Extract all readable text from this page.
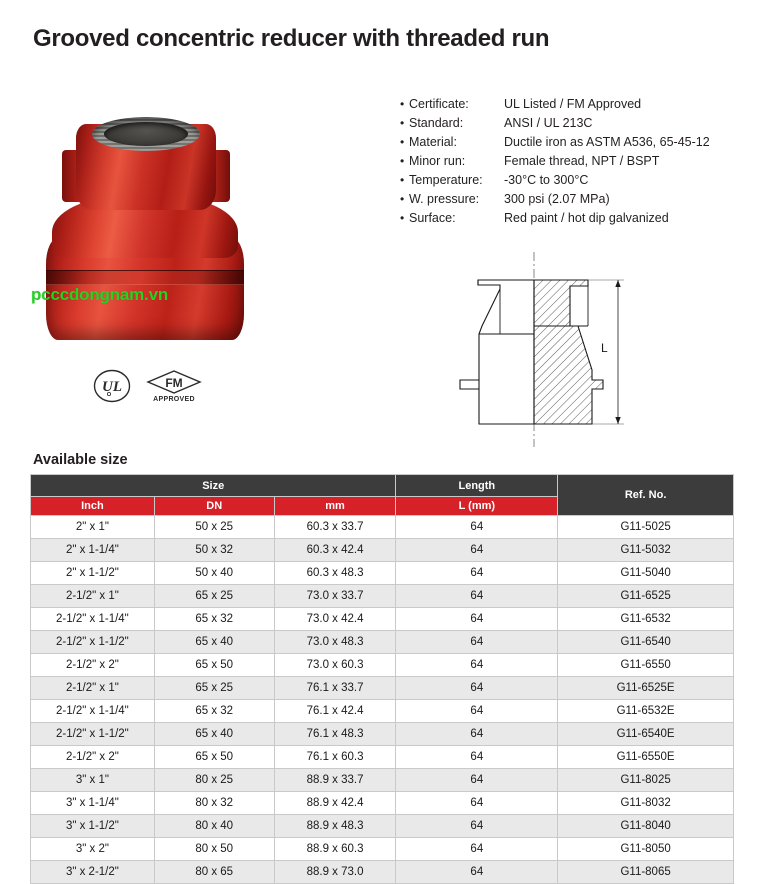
Grooved concentric reducer with threaded run
pcccdongnam.vn
UL	FM
APPROVED
• Certificate:	UL Listed / FM Approved
• Standard:	ANSI / UL 213C
• Material:	Ductile iron as ASTM A536, 65-45-12
• Minor run:	Female thread, NPT / BSPT
• Temperature:	-30°C to 300°C
• W. pressure:	300 psi (2.07 MPa)
• Surface:	Red paint / hot dip galvanized
L
Available size
Size			Length	Ref. No.
Inch	DN	mm	L (mm)	
2" x 1"	50 x 25	60.3 x 33.7	64	G11-5025
2" x 1-1/4"	50 x 32	60.3 x 42.4	64	G11-5032
2" x 1-1/2"	50 x 40	60.3 x 48.3	64	G11-5040
2-1/2" x 1"	65 x 25	73.0 x 33.7	64	G11-6525
2-1/2" x 1-1/4"	65 x 32	73.0 x 42.4	64	G11-6532
2-1/2" x 1-1/2"	65 x 40	73.0 x 48.3	64	G11-6540
2-1/2" x 2"	65 x 50	73.0 x 60.3	64	G11-6550
2-1/2" x 1"	65 x 25	76.1 x 33.7	64	G11-6525E
2-1/2" x 1-1/4"	65 x 32	76.1 x 42.4	64	G11-6532E
2-1/2" x 1-1/2"	65 x 40	76.1 x 48.3	64	G11-6540E
2-1/2" x 2"	65 x 50	76.1 x 60.3	64	G11-6550E
3" x 1"	80 x 25	88.9 x 33.7	64	G11-8025
3" x 1-1/4"	80 x 32	88.9 x 42.4	64	G11-8032
3" x 1-1/2"	80 x 40	88.9 x 48.3	64	G11-8040
3" x 2"	80 x 50	88.9 x 60.3	64	G11-8050
3" x 2-1/2"	80 x 65	88.9 x 73.0	64	G11-8065
